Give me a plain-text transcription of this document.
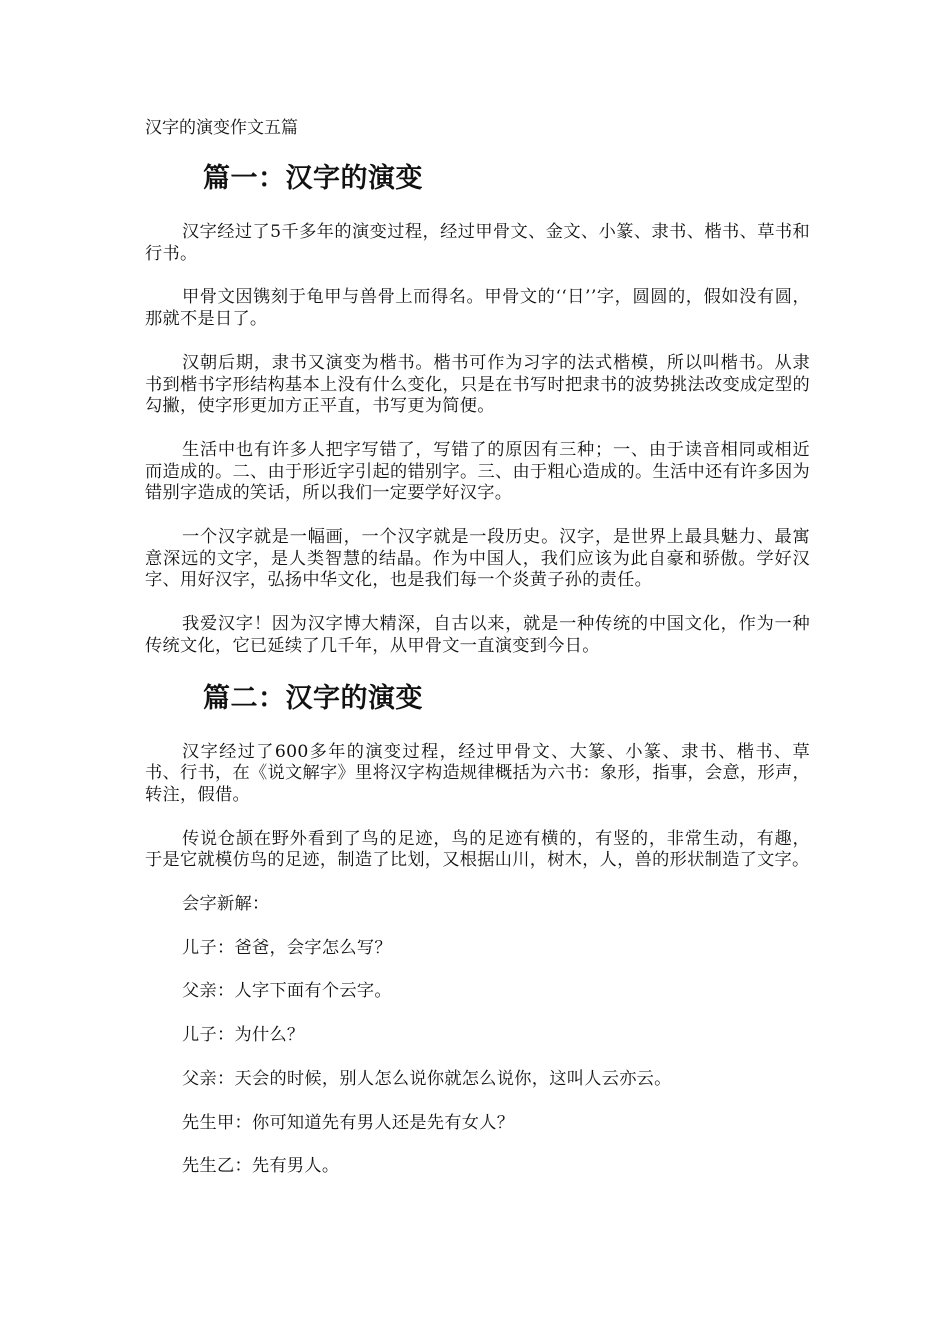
汉字的演变作文五篇
篇一：汉字的演变

汉字经过了5千多年的演变过程，经过甲骨文、金文、小篆、隶书、楷书、草书和行书。

甲骨文因镌刻于龟甲与兽骨上而得名。甲骨文的‘‘日’’字，圆圆的，假如没有圆，那就不是日了。

汉朝后期，隶书又演变为楷书。楷书可作为习字的法式楷模，所以叫楷书。从隶书到楷书字形结构基本上没有什么变化，只是在书写时把隶书的波势挑法改变成定型的勾撇，使字形更加方正平直，书写更为简便。

生活中也有许多人把字写错了，写错了的原因有三种；一、由于读音相同或相近而造成的。二、由于形近字引起的错别字。三、由于粗心造成的。生活中还有许多因为错别字造成的笑话，所以我们一定要学好汉字。

一个汉字就是一幅画，一个汉字就是一段历史。汉字，是世界上最具魅力、最寓意深远的文字，是人类智慧的结晶。作为中国人，我们应该为此自豪和骄傲。学好汉字、用好汉字，弘扬中华文化，也是我们每一个炎黄子孙的责任。

我爱汉字！因为汉字博大精深，自古以来，就是一种传统的中国文化，作为一种传统文化，它已延续了几千年，从甲骨文一直演变到今日。

篇二：汉字的演变

汉字经过了600多年的演变过程，经过甲骨文、大篆、小篆、隶书、楷书、草书、行书，在《说文解字》里将汉字构造规律概括为六书：象形，指事，会意，形声，转注，假借。

传说仓颉在野外看到了鸟的足迹，鸟的足迹有横的，有竖的，非常生动，有趣，于是它就模仿鸟的足迹，制造了比划，又根据山川，树木，人，兽的形状制造了文字。

会字新解：

儿子：爸爸，会字怎么写？

父亲：人字下面有个云字。

儿子：为什么？

父亲：天会的时候，别人怎么说你就怎么说你，这叫人云亦云。

先生甲：你可知道先有男人还是先有女人？

先生乙：先有男人。
